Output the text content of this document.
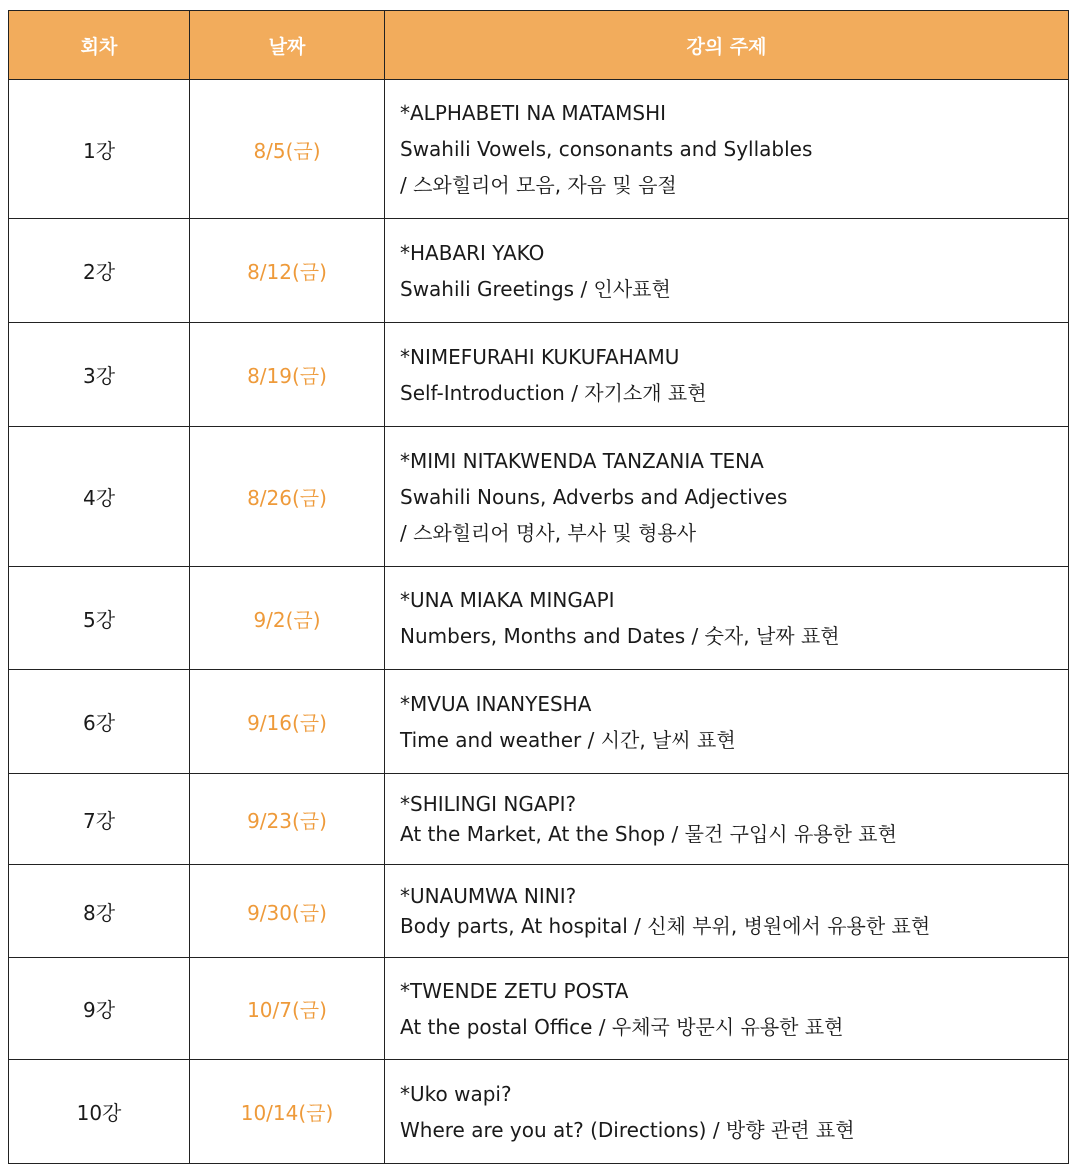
회차	날짜	강의 주제
1강	8/5(금)	*ALPHABETI NA MATAMSHI
Swahili Vowels, consonants and Syllables
/ 스와힐리어 모음, 자음 및 음절

2강	8/12(금)	*HABARI YAKO
Swahili Greetings / 인사표현

3강	8/19(금)	*NIMEFURAHI KUKUFAHAMU
Self-Introduction / 자기소개 표현

4강	8/26(금)	*MIMI NITAKWENDA TANZANIA TENA
Swahili Nouns, Adverbs and Adjectives
/ 스와힐리어 명사, 부사 및 형용사

5강	9/2(금)	*UNA MIAKA MINGAPI
Numbers, Months and Dates / 숫자, 날짜 표현

6강	9/16(금)	*MVUA INANYESHA
Time and weather / 시간, 날씨 표현

7강	9/23(금)	*SHILINGI NGAPI?
At the Market, At the Shop / 물건 구입시 유용한 표현

8강	9/30(금)	*UNAUMWA NINI?
Body parts, At hospital / 신체 부위, 병원에서 유용한 표현

9강	10/7(금)	*TWENDE ZETU POSTA
At the postal Office / 우체국 방문시 유용한 표현

10강	10/14(금)	*Uko wapi?
Where are you at? (Directions) / 방향 관련 표현
